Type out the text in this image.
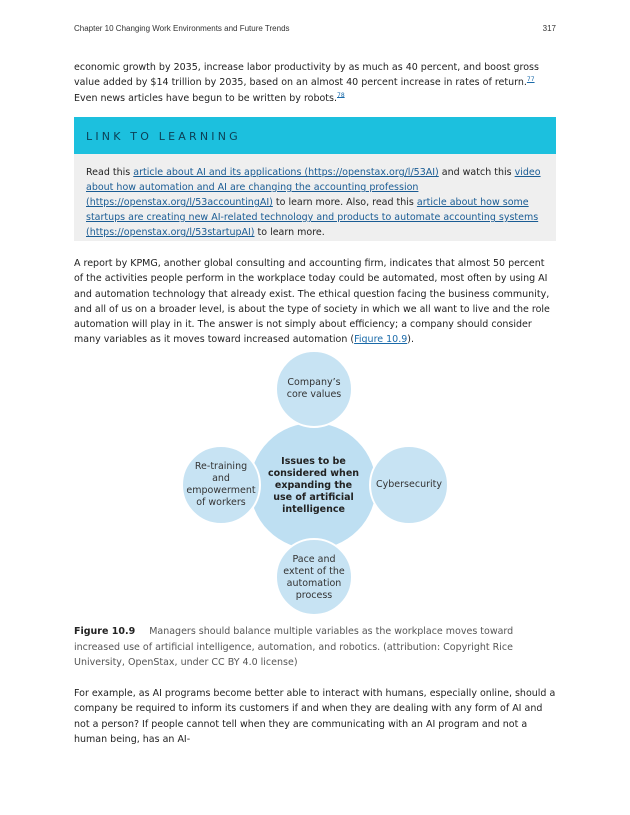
Chapter 10 Changing Work Environments and Future Trends	317

economic growth by 2035, increase labor productivity by as much as 40 percent, and boost gross value added by $14 trillion by 2035, based on an almost 40 percent increase in rates of return.$^{77}$ Even news articles have begun to be written by robots.$^{78}$

LINK TO LEARNING

Read this article about AI and its applications (https://openstax.org/l/53AI) and watch this video about how automation and AI are changing the accounting profession (https://openstax.org/l/53accountingAI) to learn more. Also, read this article about how some startups are creating new AI-related technology and products to automate accounting systems (https://openstax.org/l/53startupAI) to learn more.

A report by KPMG, another global consulting and accounting firm, indicates that almost 50 percent of the activities people perform in the workplace today could be automated, most often by using AI and automation technology that already exist. The ethical question facing the business community, and all of us on a broader level, is about the type of society in which we all want to live and the role automation will play in it. The answer is not simply about efficiency; a company should consider many variables as it moves toward increased automation (Figure 10.9).

Issues to be considered when expanding the use of artificial intelligence
Company’s core values
Re-training and empowerment of workers
Cybersecurity
Pace and extent of the automation process

Figure 10.9 Managers should balance multiple variables as the workplace moves toward increased use of artificial intelligence, automation, and robotics. (attribution: Copyright Rice University, OpenStax, under CC BY 4.0 license)

For example, as AI programs become better able to interact with humans, especially online, should a company be required to inform its customers if and when they are dealing with any form of AI and not a person? If people cannot tell when they are communicating with an AI program and not a human being, has an AI-
